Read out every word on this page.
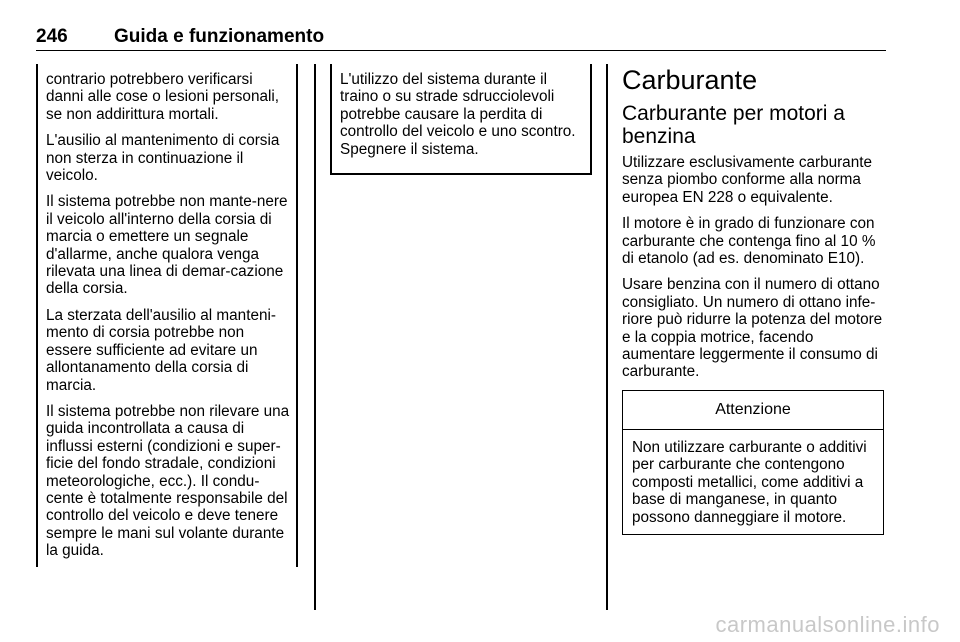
246 Guida e funzionamento

contrario potrebbero verificarsi danni alle cose o lesioni personali, se non addirittura mortali.

L'ausilio al mantenimento di corsia non sterza in continuazione il veicolo.

Il sistema potrebbe non mante-nere il veicolo all'interno della corsia di marcia o emettere un segnale d'allarme, anche qualora venga rilevata una linea di demar-cazione della corsia.

La sterzata dell'ausilio al manteni-mento di corsia potrebbe non essere sufficiente ad evitare un allontanamento della corsia di marcia.

Il sistema potrebbe non rilevare una guida incontrollata a causa di influssi esterni (condizioni e super-ficie del fondo stradale, condizioni meteorologiche, ecc.). Il condu-cente è totalmente responsabile del controllo del veicolo e deve tenere sempre le mani sul volante durante la guida.

L'utilizzo del sistema durante il traino o su strade sdrucciolevoli potrebbe causare la perdita di controllo del veicolo e uno scontro. Spegnere il sistema.

Carburante
Carburante per motori a benzina

Utilizzare esclusivamente carburante senza piombo conforme alla norma europea EN 228 o equivalente.

Il motore è in grado di funzionare con carburante che contenga fino al 10 % di etanolo (ad es. denominato E10).

Usare benzina con il numero di ottano consigliato. Un numero di ottano infe-riore può ridurre la potenza del motore e la coppia motrice, facendo aumentare leggermente il consumo di carburante.

Attenzione
Non utilizzare carburante o additivi per carburante che contengono composti metallici, come additivi a base di manganese, in quanto possono danneggiare il motore.
carmanualsonline.info
